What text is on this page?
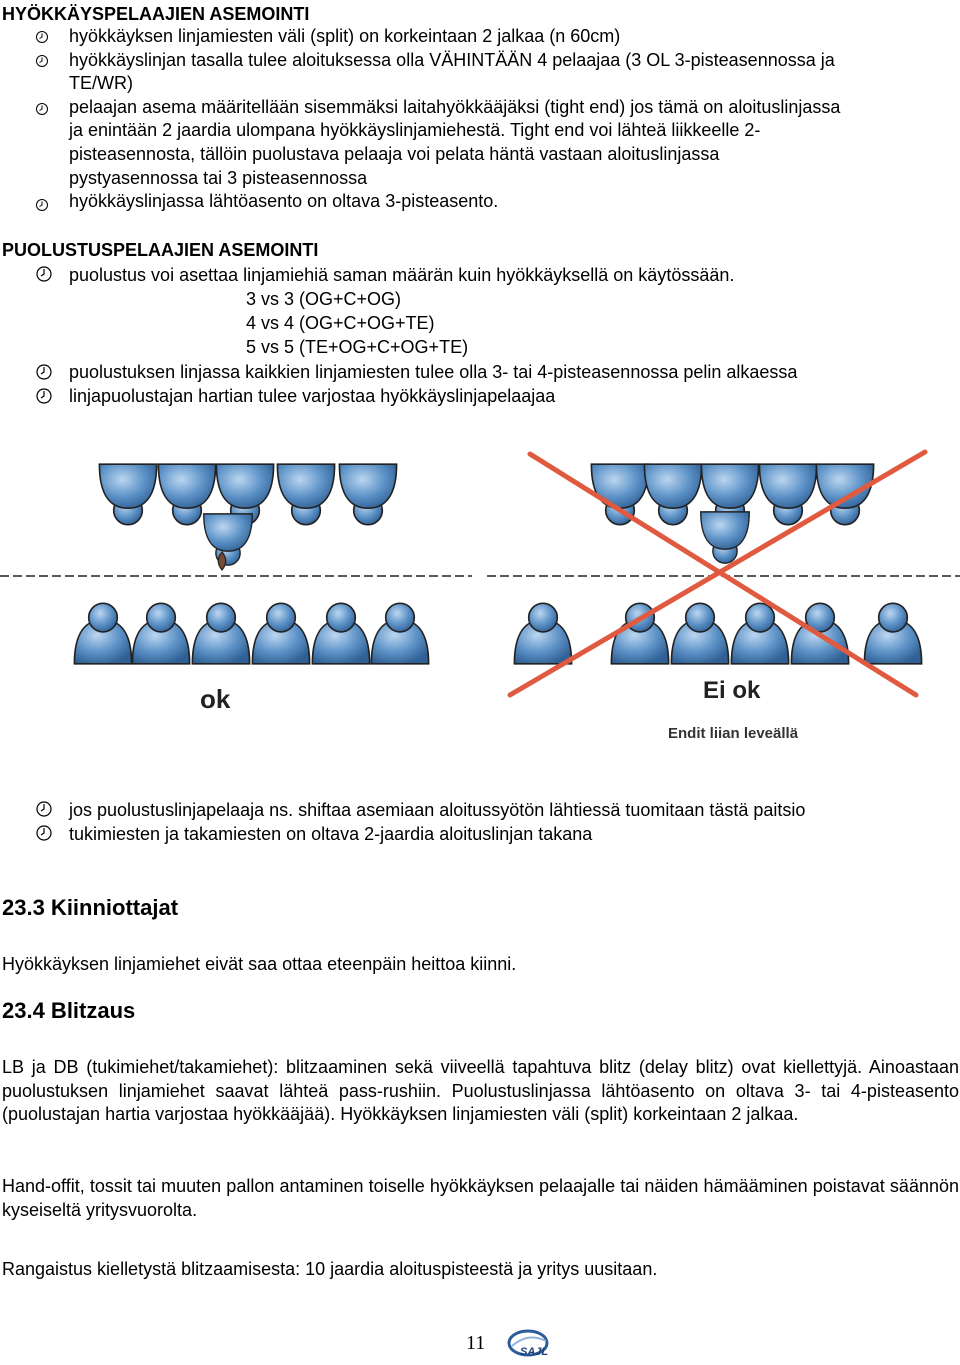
HYÖKKÄYSPELAAJIEN ASEMOINTI
hyökkäyksen linjamiesten väli (split) on korkeintaan 2 jalkaa (n 60cm)
hyökkäyslinjan tasalla tulee aloituksessa olla VÄHINTÄÄN 4 pelaajaa (3 OL 3-pisteasennossa ja
TE/WR)
pelaajan asema määritellään sisemmäksi laitahyökkääjäksi (tight end) jos tämä on aloituslinjassa
ja enintään 2 jaardia ulompana hyökkäyslinjamiehestä. Tight end voi lähteä liikkeelle 2-
pisteasennosta, tällöin puolustava pelaaja voi pelata häntä vastaan aloituslinjassa
pystyasennossa tai 3 pisteasennossa
hyökkäyslinjassa lähtöasento on oltava 3-pisteasento.
PUOLUSTUSPELAAJIEN ASEMOINTI
puolustus voi asettaa linjamiehiä saman määrän kuin hyökkäyksellä on käytössään.
3 vs 3 (OG+C+OG)
4 vs 4 (OG+C+OG+TE)
5 vs 5 (TE+OG+C+OG+TE)
puolustuksen linjassa kaikkien linjamiesten tulee olla 3- tai 4-pisteasennossa pelin alkaessa
linjapuolustajan hartian tulee varjostaa hyökkäyslinjapelaajaa
ok	Ei ok
Endit liian leveällä
jos puolustuslinjapelaaja ns. shiftaa asemiaan aloitussyötön lähtiessä tuomitaan tästä paitsio
tukimiesten ja takamiesten on oltava 2-jaardia aloituslinjan takana
23.3 Kiinniottajat
Hyökkäyksen linjamiehet eivät saa ottaa eteenpäin heittoa kiinni.
23.4 Blitzaus
LB ja DB (tukimiehet/takamiehet): blitzaaminen sekä viiveellä tapahtuva blitz (delay blitz) ovat kiellettyjä. Ainoastaan puolustuksen linjamiehet saavat lähteä pass-rushiin. Puolustuslinjassa lähtöasento on oltava 3- tai 4-pisteasento (puolustajan hartia varjostaa hyökkääjää). Hyökkäyksen linjamiesten väli (split) korkeintaan 2 jalkaa.
Hand-offit, tossit tai muuten pallon antaminen toiselle hyökkäyksen pelaajalle tai näiden hämääminen poistavat säännön kyseiseltä yritysvuorolta.
Rangaistus kielletystä blitzaamisesta: 10 jaardia aloituspisteestä ja yritys uusitaan.
11	SAJL
